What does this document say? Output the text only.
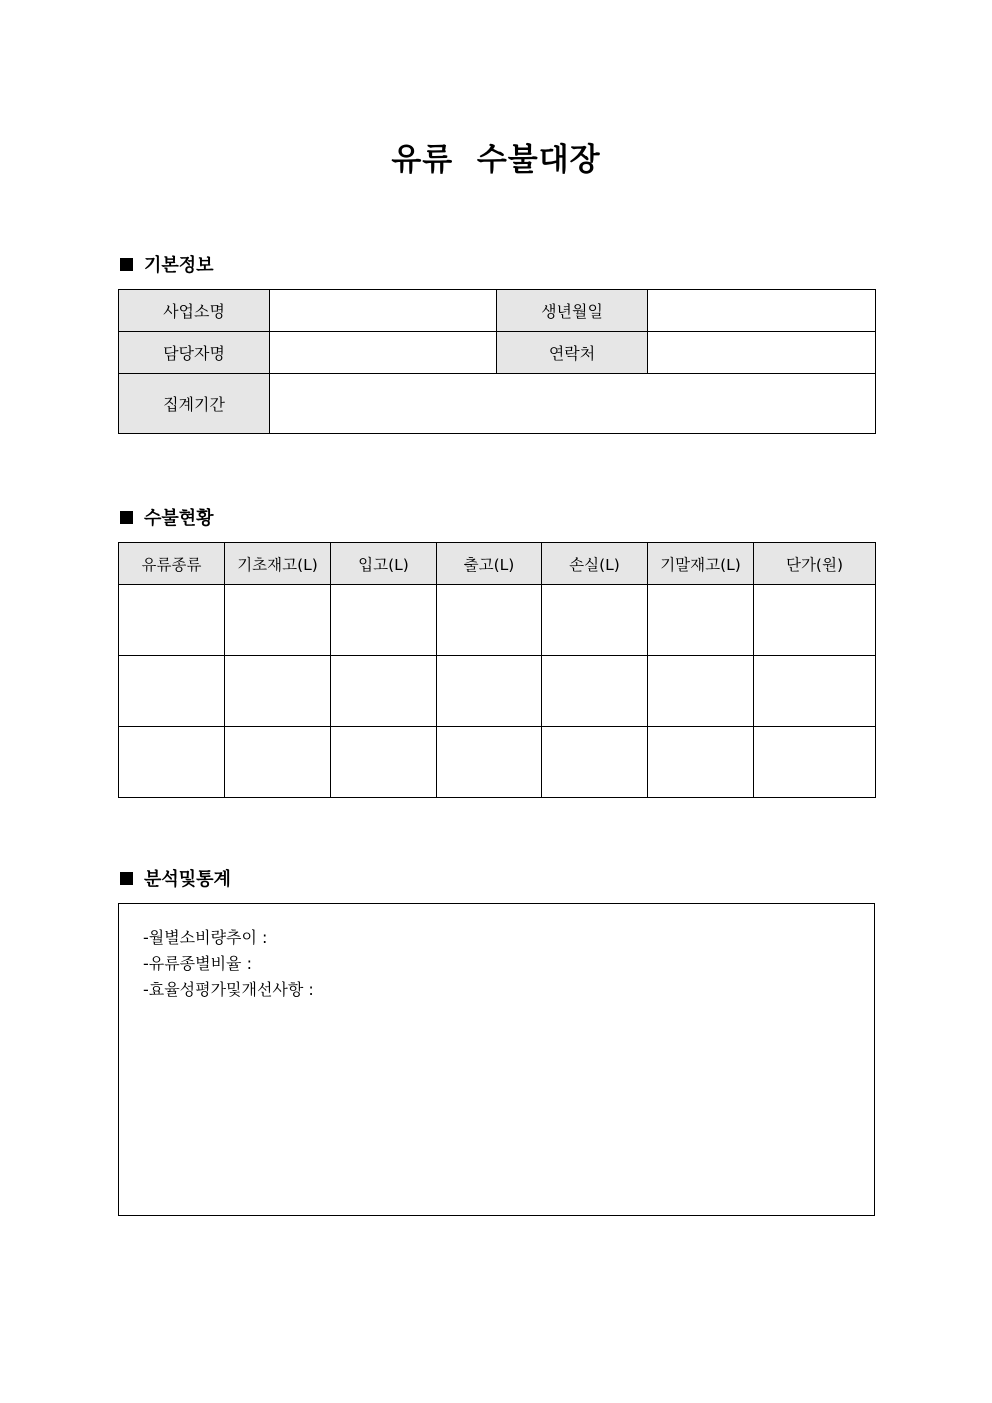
유류  수불대장
기본정보
사업소명		생년월일	
담당자명		연락처	
집계기간			
수불현황
유류종류	기초재고(L)	입고(L)	출고(L)	손실(L)	기말재고(L)	단가(원)

분석및통계
-월별소비량추이 :
-유류종별비율 :
-효율성평가및개선사항 :
